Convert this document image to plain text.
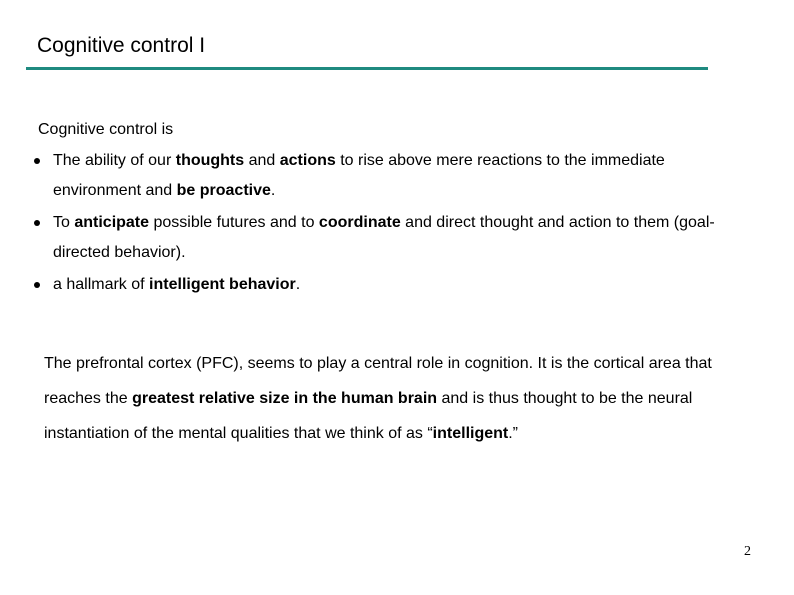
Cognitive control I
Cognitive control is
The ability of our thoughts and actions to rise above mere reactions to the immediate environment and be proactive.
To anticipate possible futures and to coordinate and direct thought and action to them (goal-directed behavior).
a hallmark of intelligent behavior.

The prefrontal cortex (PFC), seems to play a central role in cognition. It is the cortical area that reaches the greatest relative size in the human brain and is thus thought to be the neural instantiation of the mental qualities that we think of as “intelligent.”

2
